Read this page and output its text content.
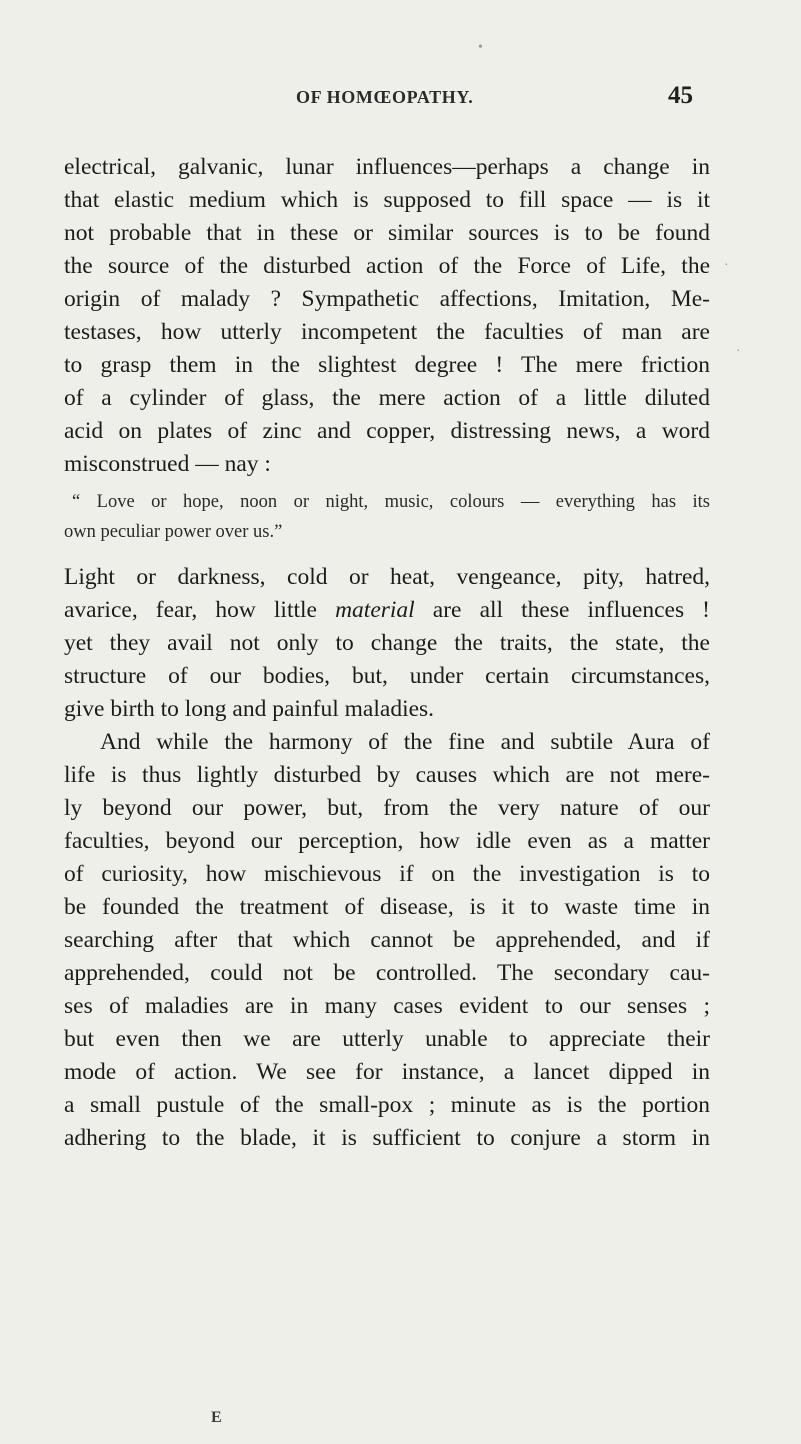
OF HOMŒOPATHY.	45
electrical, galvanic, lunar influences—perhaps a change in
that elastic medium which is supposed to fill space — is it
not probable that in these or similar sources is to be found
the source of the disturbed action of the Force of Life, the
origin of malady ? Sympathetic affections, Imitation, Me-
testases, how utterly incompetent the faculties of man are
to grasp them in the slightest degree ! The mere friction
of a cylinder of glass, the mere action of a little diluted
acid on plates of zinc and copper, distressing news, a word
misconstrued — nay :
“ Love or hope, noon or night, music, colours — everything has its
own peculiar power over us.”
Light or darkness, cold or heat, vengeance, pity, hatred,
avarice, fear, how little material are all these influences !
yet they avail not only to change the traits, the state, the
structure of our bodies, but, under certain circumstances,
give birth to long and painful maladies.
And while the harmony of the fine and subtile Aura of
life is thus lightly disturbed by causes which are not mere-
ly beyond our power, but, from the very nature of our
faculties, beyond our perception, how idle even as a matter
of curiosity, how mischievous if on the investigation is to
be founded the treatment of disease, is it to waste time in
searching after that which cannot be apprehended, and if
apprehended, could not be controlled. The secondary cau-
ses of maladies are in many cases evident to our senses ;
but even then we are utterly unable to appreciate their
mode of action. We see for instance, a lancet dipped in
a small pustule of the small-pox ; minute as is the portion
adhering to the blade, it is sufficient to conjure a storm in
E
•
·
·
